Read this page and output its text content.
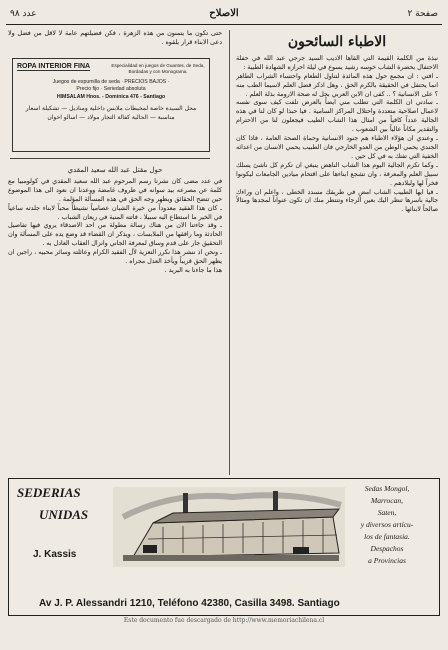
صفحة ٢
الاصلاح
عدد ٩٨
الاطباء السائحون

نبذة من الكلمة القيمة التي القاها الاديب السيد جرجي عبد الله في حفلة الاحتفال بحضرة الشاب خوسه رشيد يسوع في ليلة احرازه الشهادة الطبية :

ـ افتي : ان مجمع حول هذه المائدة لتناول الطعام واحتساء الشراب الطاهر انما يحتفل في الحقيقة بالكرم الحق ، وهل اذكر فضل العلم لاسيما الطب منه ؟ على الانسانية ؟ .. كفى ان الابن العربي بجل له صحة الارومة بذلة العلم .

ـ سادتي ان الكلمة التي تطلب مني ايضاً بالعرض تلفت كيف سوى نفسه لاعمال اصلاحية متعددة واحتلال المراكز السامية . فيا حبذا لو كان لنا في هذه الجالية عدداً كافياً من امثال هذا الشاب الطيب فيجعلون لنا من الاحترام والتقدير مكاناً عالياً بين الشعوب .

ـ وعندي ان هؤلاء الاطباء هم جنود الانسانية وحماة الصحة العامة ، فاذا كان الجندي يحمي الوطن من العدو الخارجي فان الطبيب يحمي الانسان من اعدائه الخفية التي تفتك به في كل حين .

ـ وكما تكرم الجالية اليوم هذا الشاب الناهض ينبغي ان تكرم كل ناشئ يسلك سبيل العلم والمعرفة ، وان تشجع ابناءها على اقتحام ميادين الجامعات ليكونوا فخراً لها ولبلادهم .

ـ فيا ايها الطبيب الشاب امضِ في طريقك مسدد الخطى ، واعلم ان وراءك جالية باسرها تنظر اليك بعين الرجاء وتنتظر منك ان تكون عنواناً لمجدها ومثالاً صالحاً لابنائها .

حتى تكون ما يتمنون من هذه الزهرة ، فكن فضيلتهم عامة لا لاقل من فضل ولا دعى الابناء قرار يلقوه .

ROPA INTERIOR FINA	Especialidad en juegos de Guantes, de Seda, Bordadas y con Monograma.
Juegos de espumilla de seda · PRECIOS BAJOS ·
Precio fijo · Seriedad absoluta
HIMSALAM Hnos. - Domínica 476 - Santiago
محل السيدة خاصة لمخيطات ملابس داخلية ومناديل — تشكيلة اسعار مناسبة — الحالية كفالة التجار مولاد — اسالو اخوان
حول مقتل عبد الله سعيد المقدي

في عدد مضى كان نشرنا رسم المرحوم عبد الله سعيد المقدي في كولومبيا مع كلمة عن مصرعه بيد سوانه في ظروف غامضة ووعدنا ان نعود الى هذا الموضوع حين تتضح الحقائق ويظهر وجه الحق في هذه المسألة المؤلمة .

ـ كان هذا الفقيد معدوداً من خيرة الشبان عصامياً نشيطاً محباً لابناء جلدته ساعياً في الخير ما استطاع اليه سبيلا ، فاتته المنية في ريعان الشباب .

ـ وقد جاءتنا الان من هناك رسالة مطولة من احد الاصدقاء يروي فيها تفاصيل الحادثة وما رافقها من الملابسات ، ويذكر ان القضاء قد وضع يده على المسألة وان التحقيق جار على قدم وساق لمعرفة الجاني وانزال العقاب العادل به .

ـ ونحن اذ ننشر هذا نكرر التعزية لآل الفقيد الكرام وعائلته وسائر محبيه ، راجين ان يظهر الحق قريباً ويأخذ العدل مجراه .

هذا ما جاءنا به البريد .

SEDERIAS
UNIDAS
J. Kassis
Sedas Mongol,
Marrocan,
Saten,
y diversos artícu-
los de fantasia.
Despachos
a Provincias
Av J. P. Alessandri 1210, Teléfono 42380, Casilla 3498. Santiago
Este documento fue descargado de http://www.memoriachilena.cl
